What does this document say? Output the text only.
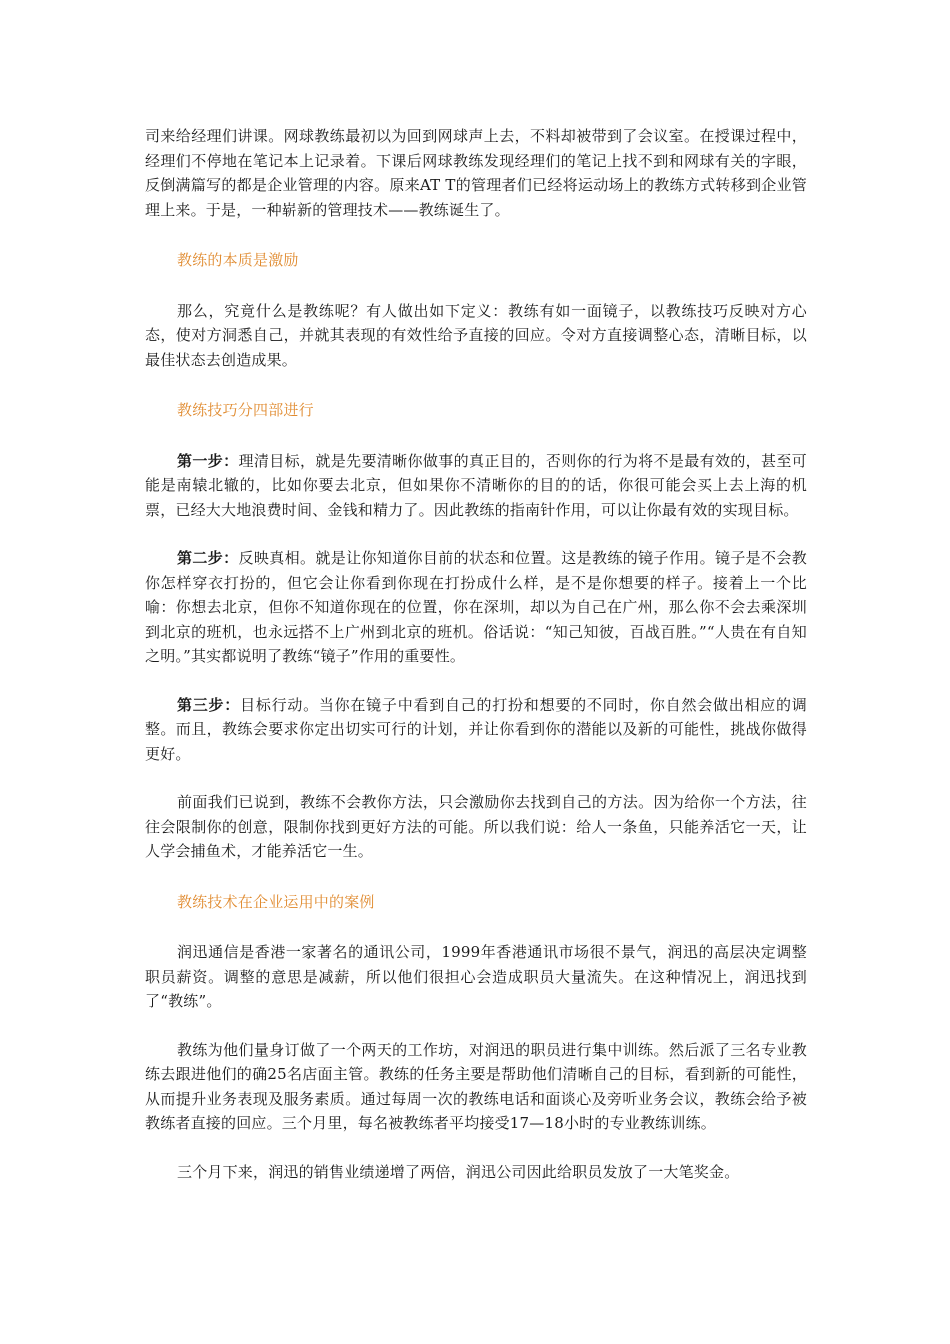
司来给经理们讲课。网球教练最初以为回到网球声上去，不料却被带到了会议室。在授课过程中，经理们不停地在笔记本上记录着。下课后网球教练发现经理们的笔记上找不到和网球有关的字眼，反倒满篇写的都是企业管理的内容。原来AT T的管理者们已经将运动场上的教练方式转移到企业管理上来。于是，一种崭新的管理技术——教练诞生了。

教练的本质是激励

那么，究竟什么是教练呢？有人做出如下定义：教练有如一面镜子，以教练技巧反映对方心态，使对方洞悉自己，并就其表现的有效性给予直接的回应。令对方直接调整心态，清晰目标，以最佳状态去创造成果。

教练技巧分四部进行

第一步：理清目标，就是先要清晰你做事的真正目的，否则你的行为将不是最有效的，甚至可能是南辕北辙的，比如你要去北京，但如果你不清晰你的目的的话，你很可能会买上去上海的机票，已经大大地浪费时间、金钱和精力了。因此教练的指南针作用，可以让你最有效的实现目标。

第二步：反映真相。就是让你知道你目前的状态和位置。这是教练的镜子作用。镜子是不会教你怎样穿衣打扮的，但它会让你看到你现在打扮成什么样，是不是你想要的样子。接着上一个比喻：你想去北京，但你不知道你现在的位置，你在深圳，却以为自己在广州，那么你不会去乘深圳到北京的班机，也永远搭不上广州到北京的班机。俗话说：“知己知彼，百战百胜。”“人贵在有自知之明。”其实都说明了教练“镜子”作用的重要性。

第三步：目标行动。当你在镜子中看到自己的打扮和想要的不同时，你自然会做出相应的调整。而且，教练会要求你定出切实可行的计划，并让你看到你的潜能以及新的可能性，挑战你做得更好。

前面我们已说到，教练不会教你方法，只会激励你去找到自己的方法。因为给你一个方法，往往会限制你的创意，限制你找到更好方法的可能。所以我们说：给人一条鱼，只能养活它一天，让人学会捕鱼术，才能养活它一生。

教练技术在企业运用中的案例

润迅通信是香港一家著名的通讯公司，1999年香港通讯市场很不景气，润迅的高层决定调整职员薪资。调整的意思是减薪，所以他们很担心会造成职员大量流失。在这种情况上，润迅找到了“教练”。

教练为他们量身订做了一个两天的工作坊，对润迅的职员进行集中训练。然后派了三名专业教练去跟进他们的确25名店面主管。教练的任务主要是帮助他们清晰自己的目标，看到新的可能性，从而提升业务表现及服务素质。通过每周一次的教练电话和面谈心及旁听业务会议，教练会给予被教练者直接的回应。三个月里，每名被教练者平均接受17—18小时的专业教练训练。

三个月下来，润迅的销售业绩递增了两倍，润迅公司因此给职员发放了一大笔奖金。
